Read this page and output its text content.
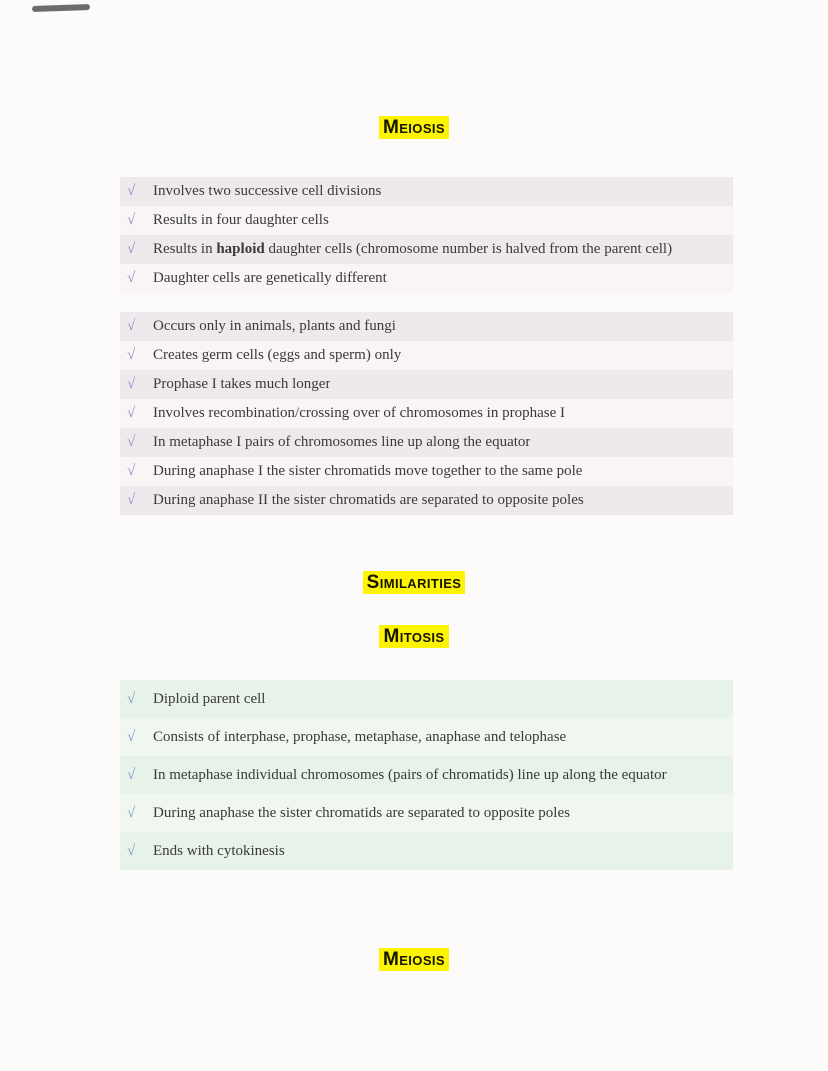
Meiosis
√	Involves two successive cell divisions
√	Results in four daughter cells
√	Results in haploid daughter cells (chromosome number is halved from the parent cell)
√	Daughter cells are genetically different
√	Occurs only in animals, plants and fungi
√	Creates germ cells (eggs and sperm) only
√	Prophase I takes much longer
√	Involves recombination/crossing over of chromosomes in prophase I
√	In metaphase I pairs of chromosomes line up along the equator
√	During anaphase I the sister chromatids move together to the same pole
√	During anaphase II the sister chromatids are separated to opposite poles
Similarities
Mitosis
√	Diploid parent cell
√	Consists of interphase, prophase, metaphase, anaphase and telophase
√	In metaphase individual chromosomes (pairs of chromatids) line up along the equator
√	During anaphase the sister chromatids are separated to opposite poles
√	Ends with cytokinesis
Meiosis
